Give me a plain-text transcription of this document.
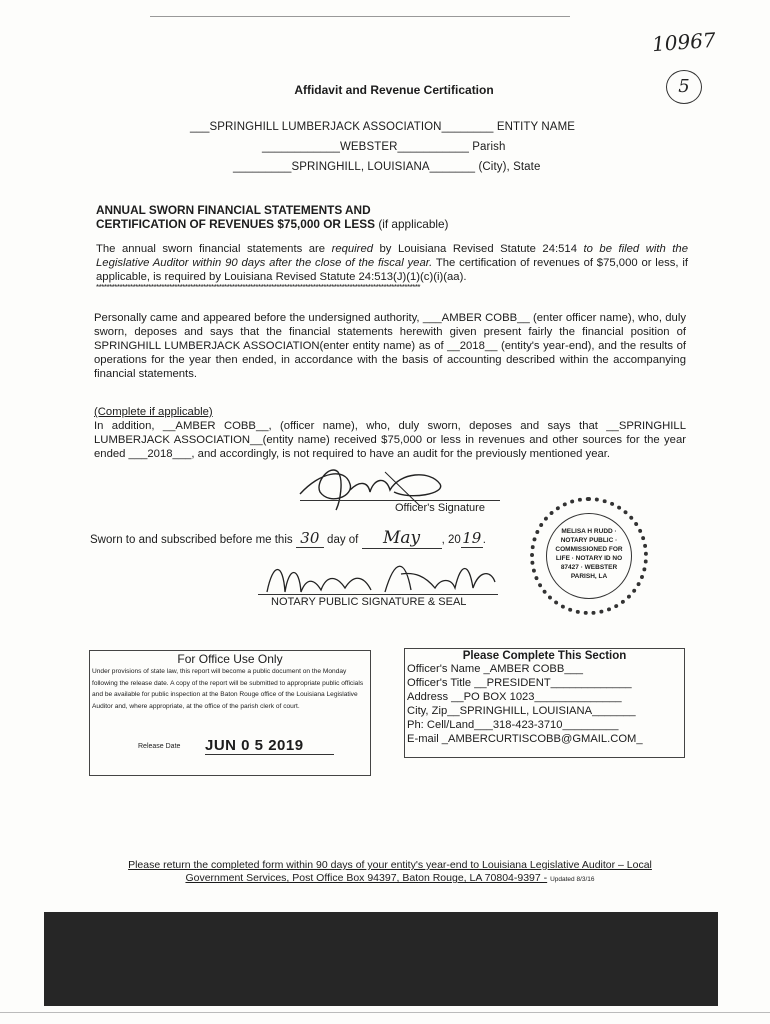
10967
5
Affidavit and Revenue Certification
___SPRINGHILL LUMBERJACK ASSOCIATION________ ENTITY NAME
____________WEBSTER___________ Parish
_________SPRINGHILL, LOUISIANA_______ (City), State
ANNUAL SWORN FINANCIAL STATEMENTS AND
CERTIFICATION OF REVENUES $75,000 OR LESS (if applicable)
The annual sworn financial statements are required by Louisiana Revised Statute 24:514 to be filed with the Legislative Auditor within 90 days after the close of the fiscal year. The certification of revenues of $75,000 or less, if applicable, is required by Louisiana Revised Statute 24:513(J)(1)(c)(i)(aa).
****************************************************************************************************************************
Personally came and appeared before the undersigned authority, ___AMBER COBB__ (enter officer name), who, duly sworn, deposes and says that the financial statements herewith given present fairly the financial position of SPRINGHILL LUMBERJACK ASSOCIATION(enter entity name) as of __2018__ (entity's year-end), and the results of operations for the year then ended, in accordance with the basis of accounting described within the accompanying financial statements.
(Complete if applicable)
In addition, __AMBER COBB__, (officer name), who, duly sworn, deposes and says that __SPRINGHILL LUMBERJACK ASSOCIATION__(entity name) received $75,000 or less in revenues and other sources for the year ended ___2018___, and accordingly, is not required to have an audit for the previously mentioned year.
Officer's Signature
Sworn to and subscribed before me this 30 day of May , 2019.
NOTARY PUBLIC SIGNATURE & SEAL
MELISA H RUDD · NOTARY PUBLIC · COMMISSIONED FOR LIFE · NOTARY ID NO 87427 · WEBSTER PARISH, LA
For Office Use Only
Under provisions of state law, this report will become a public document on the Monday following the release date. A copy of the report will be submitted to appropriate public officials and be available for public inspection at the Baton Rouge office of the Louisiana Legislative Auditor and, where appropriate, at the office of the parish clerk of court.
Release Date JUN 0 5 2019
Please Complete This Section
Officer's Name _AMBER COBB___
Officer's Title __PRESIDENT_____________
Address __PO BOX 1023______________
City, Zip__SPRINGHILL, LOUISIANA_______
Ph: Cell/Land___318-423-3710_________
E-mail _AMBERCURTISCOBB@GMAIL.COM_
Please return the completed form within 90 days of your entity's year-end to Louisiana Legislative Auditor – Local Government Services, Post Office Box 94397, Baton Rouge, LA 70804-9397 - Updated 8/3/16
